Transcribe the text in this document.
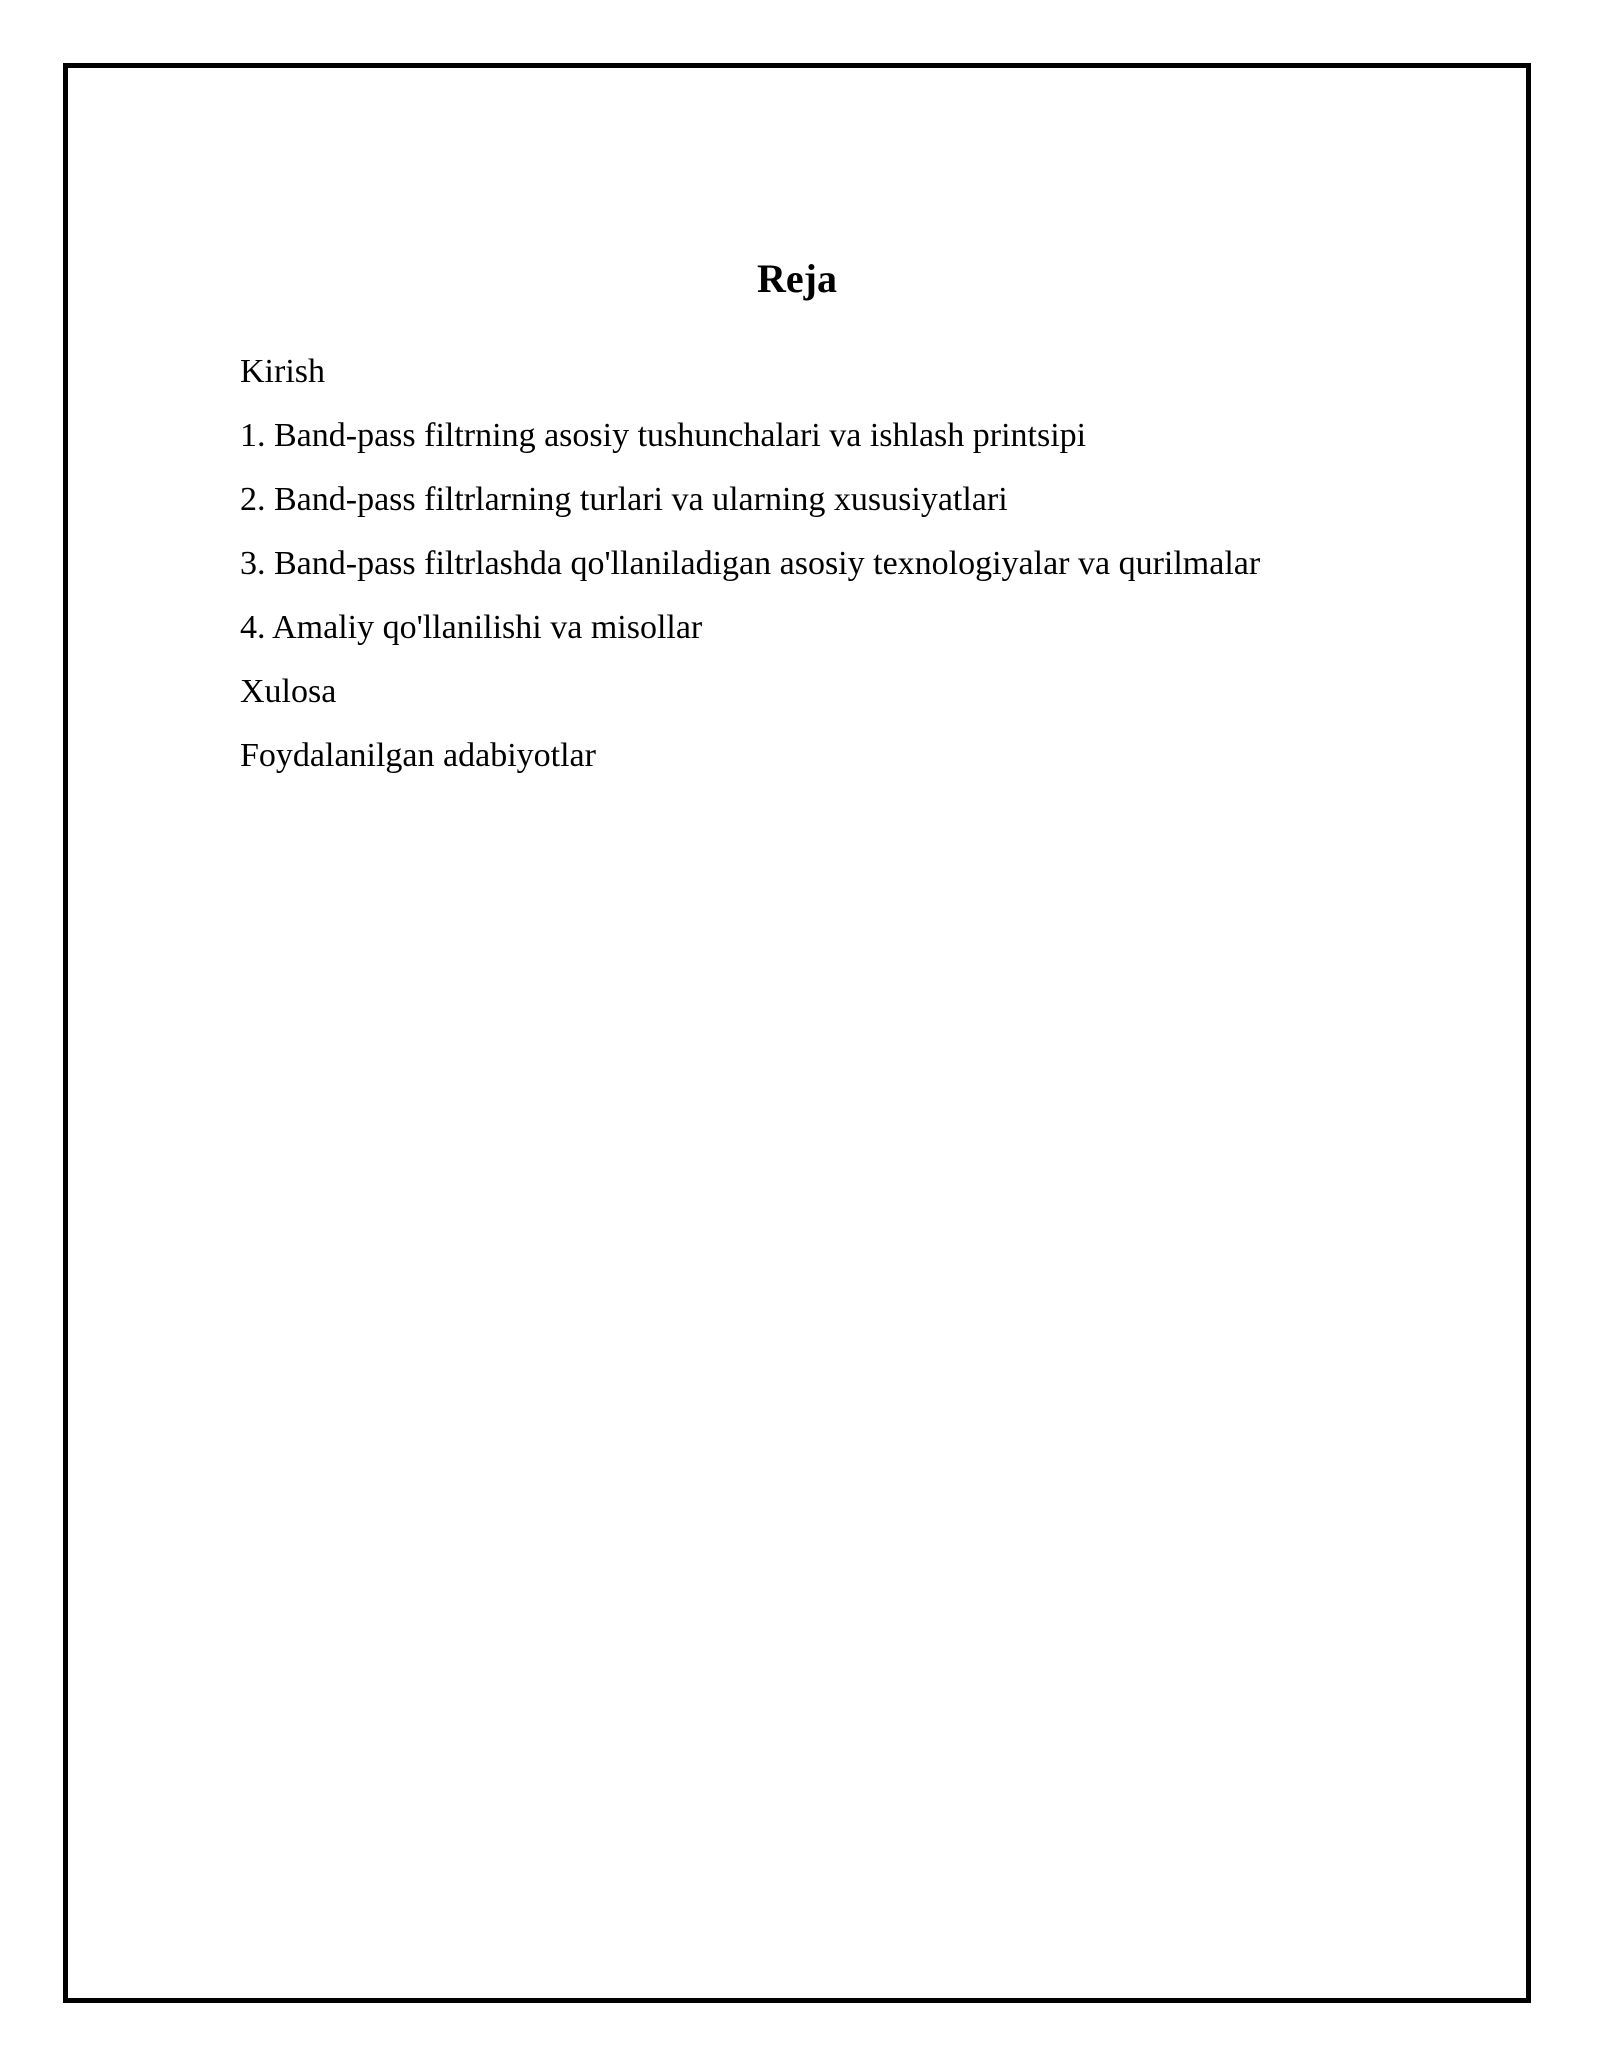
Reja
Kirish
1. Band-pass filtrning asosiy tushunchalari va ishlash printsipi
2. Band-pass filtrlarning turlari va ularning xususiyatlari
3. Band-pass filtrlashda qo'llaniladigan asosiy texnologiyalar va qurilmalar
4. Amaliy qo'llanilishi va misollar
Xulosa
Foydalanilgan adabiyotlar
